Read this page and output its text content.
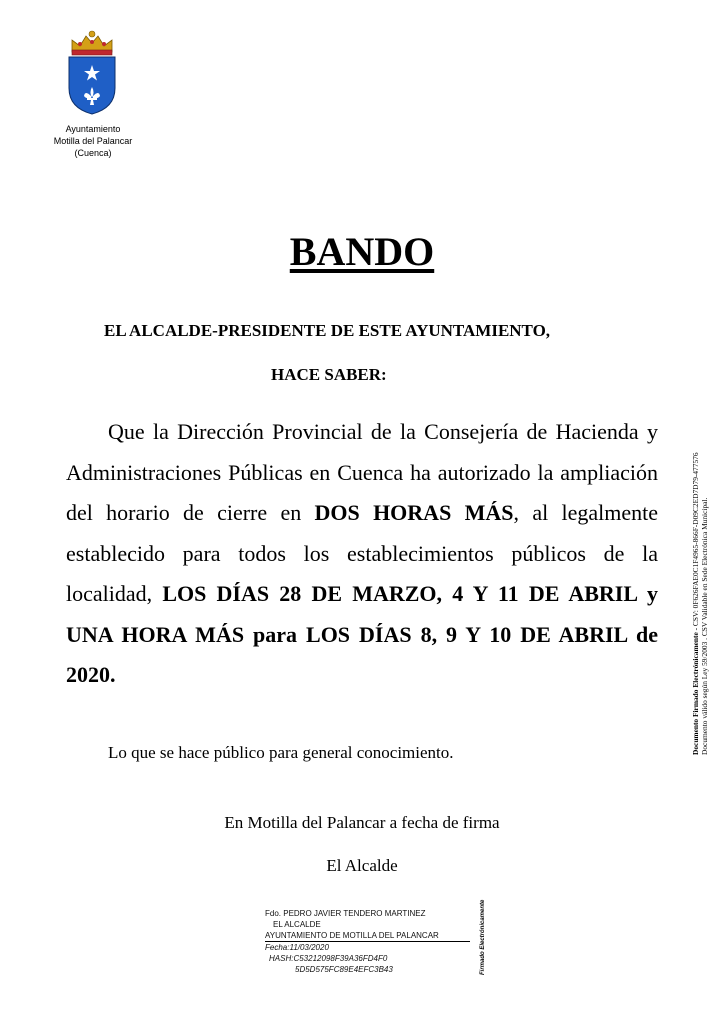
Ayuntamiento
Motilla del Palancar
(Cuenca)
BANDO
EL ALCALDE-PRESIDENTE DE ESTE AYUNTAMIENTO,
HACE SABER:
Que la Dirección Provincial de la Consejería de Hacienda y Administraciones Públicas en Cuenca ha autorizado la ampliación del horario de cierre en DOS HORAS MÁS, al legalmente establecido para todos los establecimientos públicos de la localidad, LOS DÍAS 28 DE MARZO, 4 Y 11 DE ABRIL y UNA HORA MÁS para LOS DÍAS 8, 9 Y 10 DE ABRIL de 2020.
Lo que se hace público para general conocimiento.
En Motilla del Palancar a fecha de firma
El Alcalde
Fdo. PEDRO JAVIER TENDERO MARTINEZ
EL ALCALDE
AYUNTAMIENTO DE MOTILLA DEL PALANCAR
Fecha:11/03/2020
HASH:C53212098F39A36FD4F0
5D5D575FC89E4EFC3B43	Firmado Electrónicamente
Documento Firmado Electrónicamente - CSV: 0F626FAE0C1F4965-866F-D09C2ED7D79-477576 Documento válido según Ley 59/2003 . CSV Validable en Sede Electrónica Municipal.
